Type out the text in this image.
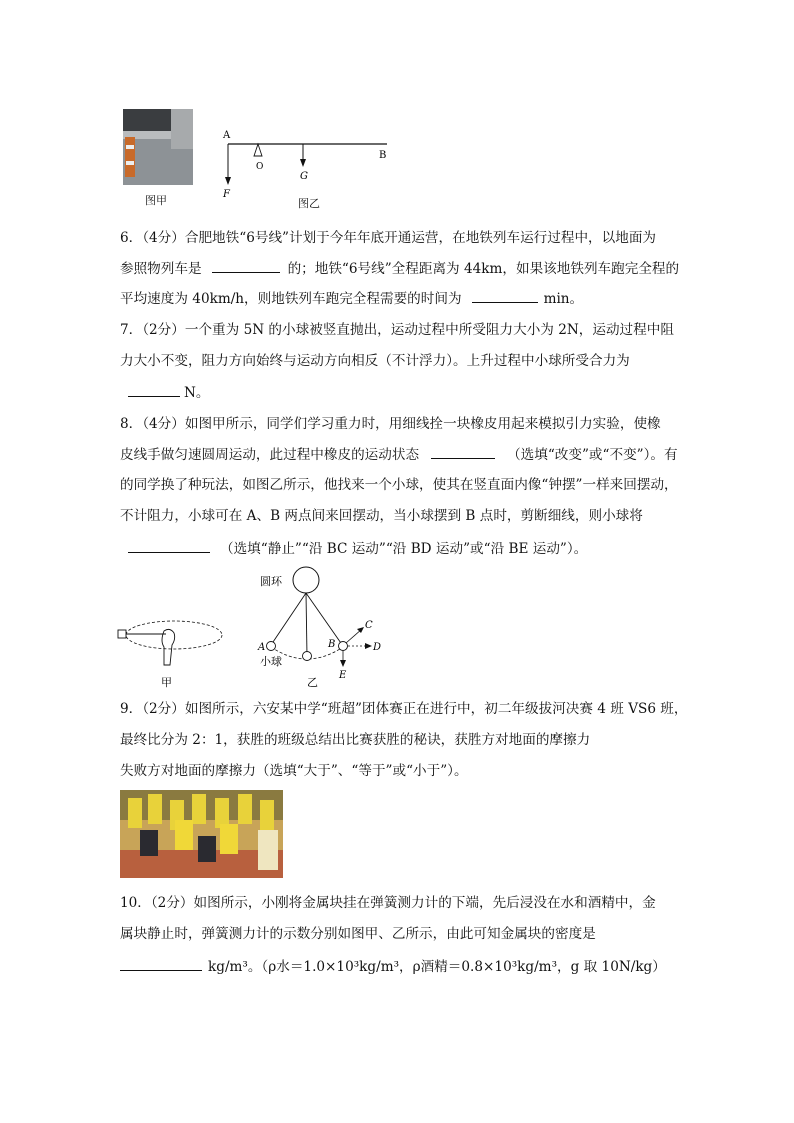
图甲
A
B
O
G
F
图乙
6．（4分）合肥地铁“6号线”计划于今年年底开通运营，在地铁列车运行过程中，以地面为
参照物列车是	的；地铁“6号线”全程距离为 44km，如果该地铁列车跑完全程的
平均速度为 40km/h，则地铁列车跑完全程需要的时间为	min。
7．（2分）一个重为 5N 的小球被竖直抛出，运动过程中所受阻力大小为 2N，运动过程中阻
力大小不变，阻力方向始终与运动方向相反（不计浮力）。上升过程中小球所受合力为
N。
8．（4分）如图甲所示，同学们学习重力时，用细线拴一块橡皮用起来模拟引力实验，使橡
皮线手做匀速圆周运动，此过程中橡皮的运动状态	（选填“改变”或“不变”）。有
的同学换了种玩法，如图乙所示，他找来一个小球，使其在竖直面内像“钟摆”一样来回摆动，
不计阻力，小球可在 A、B 两点间来回摆动，当小球摆到 B 点时，剪断细线，则小球将
（选填“静止”“沿 BC 运动”“沿 BD 运动”或“沿 BE 运动”）。
甲
圆环
A	B
C
D
E
小球
乙
9．（2分）如图所示，六安某中学“班超”团体赛正在进行中，初二年级拔河决赛 4 班 VS6 班，
最终比分为 2：1，获胜的班级总结出比赛获胜的秘诀，获胜方对地面的摩擦力
失败方对地面的摩擦力（选填“大于”、“等于”或“小于”）。
10．（2分）如图所示，小刚将金属块挂在弹簧测力计的下端，先后浸没在水和酒精中，金
属块静止时，弹簧测力计的示数分别如图甲、乙所示，由此可知金属块的密度是
kg/m³。（ρ水＝1.0×10³kg/m³，ρ酒精＝0.8×10³kg/m³，g 取 10N/kg）
